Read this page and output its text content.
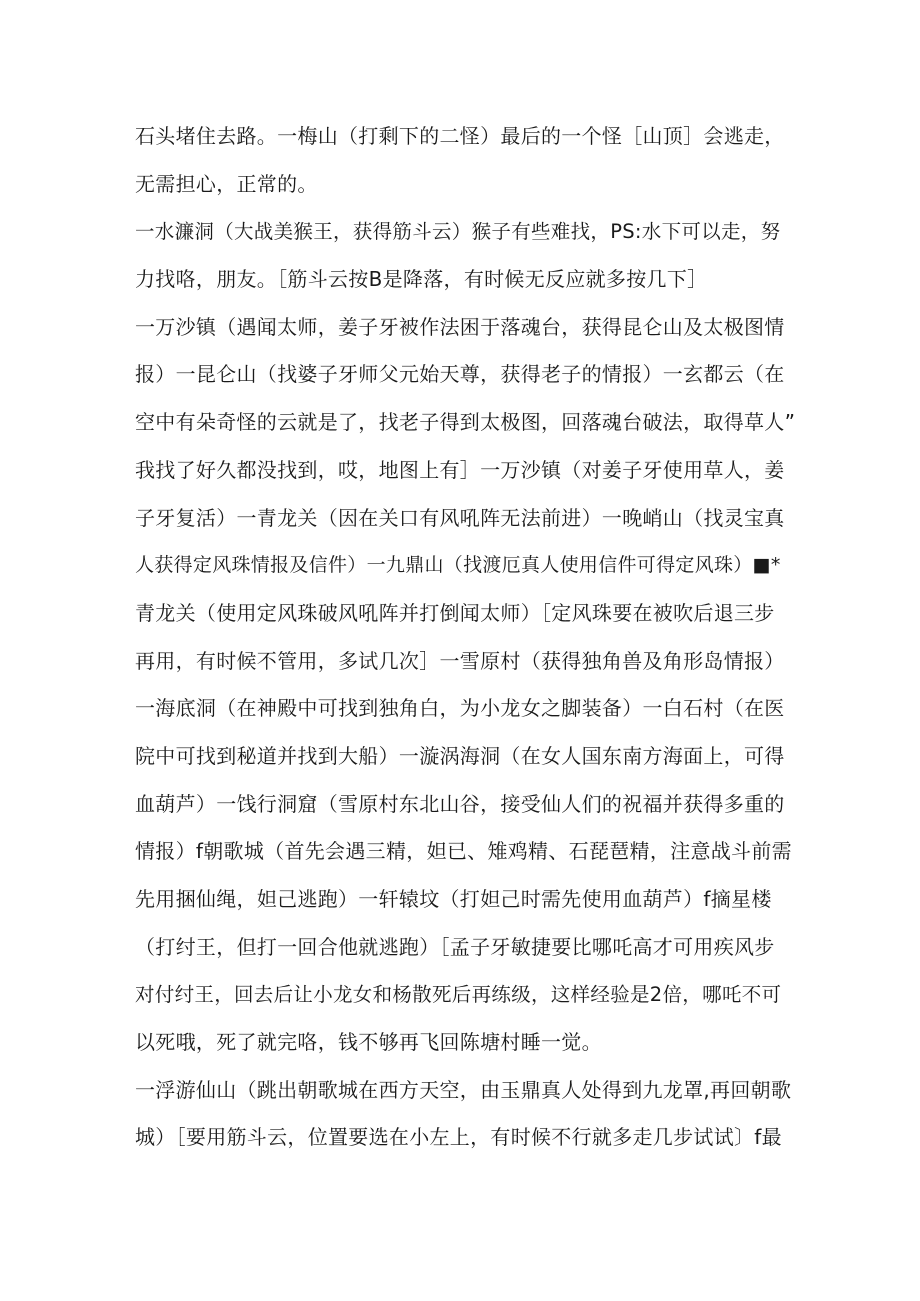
石头堵住去路。一梅山（打剩下的二怪）最后的一个怪［山顶］会逃走，
无需担心，正常的。
一水濂洞（大战美猴王，获得筋斗云）猴子有些难找，PS:水下可以走，努
力找咯，朋友。［筋斗云按B是降落，有时候无反应就多按几下］
一万沙镇（遇闻太师，姜子牙被作法困于落魂台，获得昆仑山及太极图情
报）一昆仑山（找婆子牙师父元始天尊，获得老子的情报）一玄都云（在
空中有朵奇怪的云就是了，找老子得到太极图，回落魂台破法，取得草人”
我找了好久都没找到，哎，地图上有］一万沙镇（对姜子牙使用草人，姜
子牙复活）一青龙关（因在关口有风吼阵无法前进）一晚峭山（找灵宝真
人获得定风珠情报及信件）一九鼎山（找渡厄真人使用信件可得定风珠）■*
青龙关（使用定风珠破风吼阵并打倒闻太师）［定风珠要在被吹后退三步
再用，有时候不管用，多试几次］一雪原村（获得独角兽及角形岛情报）
一海底洞（在神殿中可找到独角白，为小龙女之脚装备）一白石村（在医
院中可找到秘道并找到大船）一漩涡海洞（在女人国东南方海面上，可得
血葫芦）一饯行洞窟（雪原村东北山谷，接受仙人们的祝福并获得多重的
情报）f朝歌城（首先会遇三精，妲已、雉鸡精、石琵琶精，注意战斗前需
先用捆仙绳，妲己逃跑）一轩辕坟（打妲己时需先使用血葫芦）f摘星楼
（打纣王，但打一回合他就逃跑）［孟子牙敏捷要比哪吒高才可用疾风步
对付纣王，回去后让小龙女和杨散死后再练级，这样经验是2倍，哪吒不可
以死哦，死了就完咯，钱不够再飞回陈塘村睡一觉。
一浮游仙山（跳出朝歌城在西方天空，由玉鼎真人处得到九龙罩,再回朝歌
城）［要用筋斗云，位置要选在小左上，有时候不行就多走几步试试〕f最
